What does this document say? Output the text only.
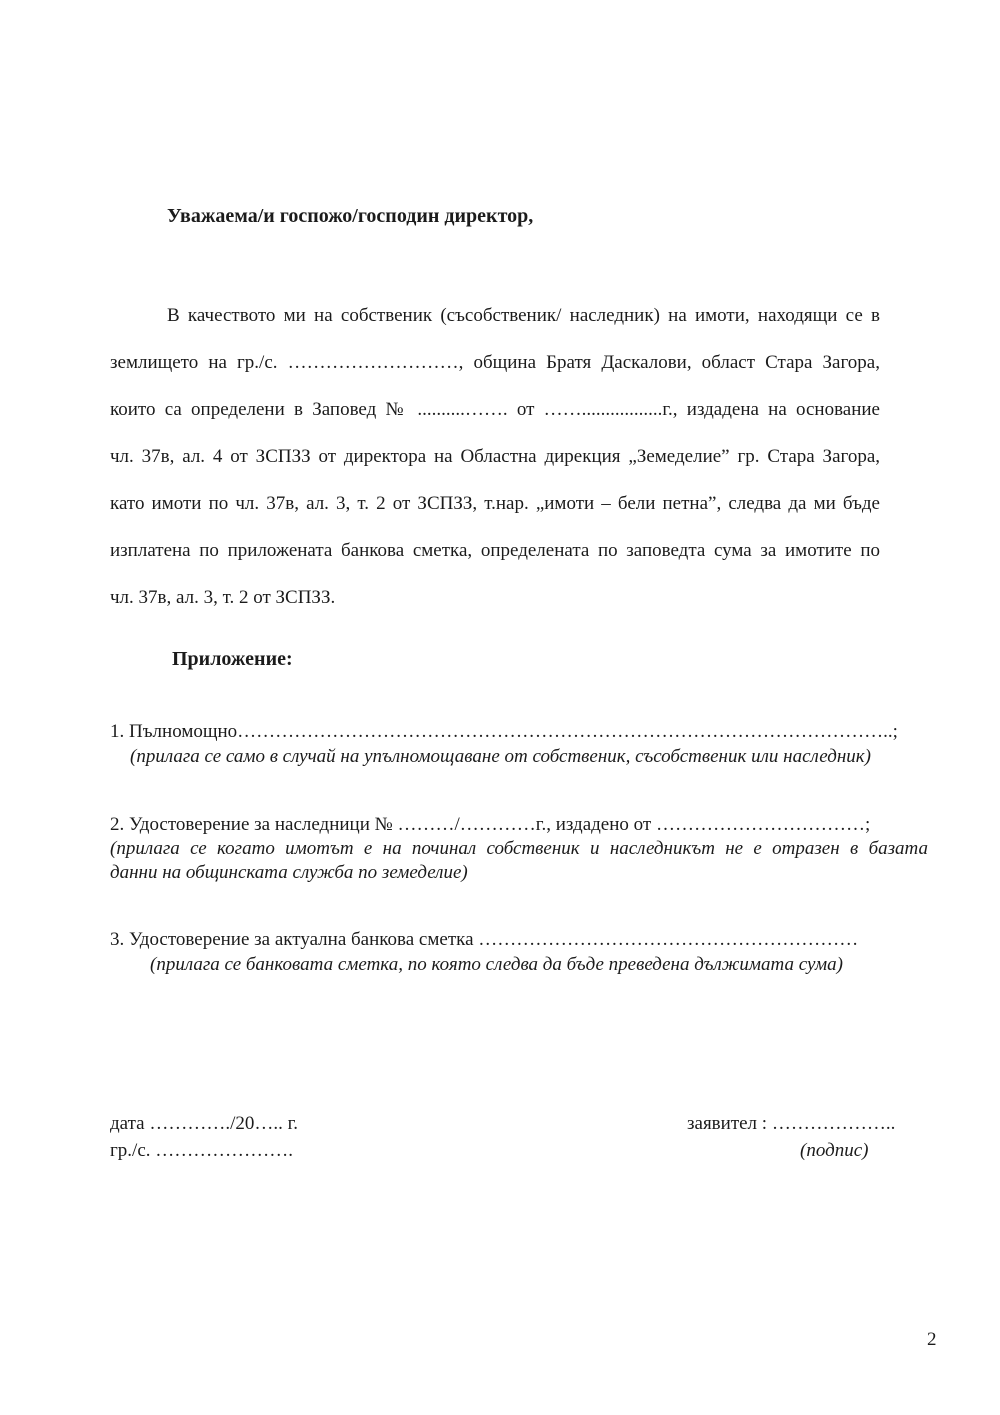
Уважаема/и госпожо/господин директор,

В качеството ми на собственик (съсобственик/ наследник) на имоти, находящи се в
землището на гр./с. ………………………, община Братя Даскалови, област Стара Загора,
които са определени в Заповед № ..........……. от …….................г., издадена на основание
чл. 37в, ал. 4 от ЗСПЗЗ от директора на Областна дирекция „Земеделие” гр. Стара Загора,
като имоти по чл. 37в, ал. 3, т. 2 от ЗСПЗЗ, т.нар. „имоти – бели петна”, следва да ми бъде
изплатена по приложената банкова сметка, определената по заповедта сума за имотите по
чл. 37в, ал. 3, т. 2 от ЗСПЗЗ.

Приложение:

1. Пълномощно…………………………………………………………………………………………..;

(прилага се само в случай на упълномощаване от собственик, съсобственик или наследник)

2. Удостоверение за наследници № ………/…………г., издадено от ……………………………;

(прилага се когато имотът е на починал собственик и наследникът не е отразен в базата
данни на общинската служба по земеделие)

3. Удостоверение за актуална банкова сметка ……………………………………………………

(прилага се банковата сметка, по която следва да бъде преведена дължимата сума)

дата …………./20….. г.

гр./с. ………………….

заявител : ………………..

(подпис)

2
